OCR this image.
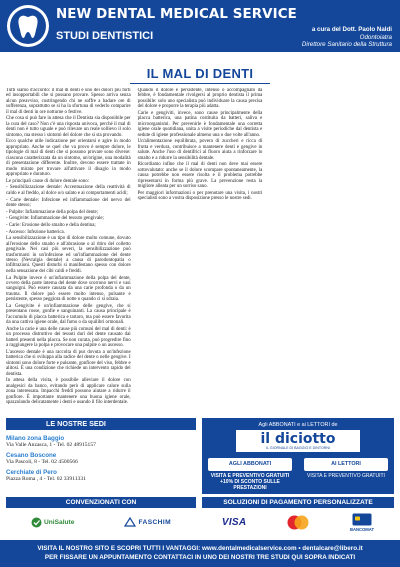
NEW DENTAL MEDICAL SERVICE
STUDI DENTISTICI
a cura del Dott. Paolo Naldi
Odontoiatra
Direttore Sanitario della Struttura
IL MAL DI DENTI

Tutti siamo d'accordo: il mal di denti è uno dei dolori più forti ed insopportabili che si possano provare. Spesso arriva senza alcun preavviso, costringendo chi ne soffre a badare ore di sofferenza, soprattutto se si ha la sfortuna di vederlo comparire il mal di denti in ore notturne o festive.

Che cosa si può fare in attesa che il Dentista sia disponibile per la cura del caso? Non c'è una risposta univoca, perché il mal di denti non è tutto uguale e può rilevare un reale sollievo il solo sintomo, ma stesso i sintomi del dolore che si sta provando.

Ecco qualche utile indicazione per orientarsi e agire in modo appropriato. Anche se quel che va provo è sempre dolore, le tipologie di mal di denti che si possono provare sono diverse: ciascuna caratterizzata da un sintomo, un'origine, una modalità di presentazione differente. Inoltre, devono essere trattate in modo mirato per trovare all'attivare il disagio in modo appropriato e duraturo.

Le principali cause di dolore dentale sono:

- Sensibilizzazione dentale: Accentuazione della reattività di caldo e al freddo, al dolce o/o salato e ai comportamenti acidi;

- Carie dentale: Infezione ed infiammazione del nervo del dente stesso;

- Pulpite: Infiammazione della polpa del dente;

- Gengivite: Infiammazione del tessuto gengivale;

- Carie: Erosione dello smalto e della dentina;

- Ascesso: Infezione batterica.

La sensibilizzazione è un tipo di dolore molto comune, dovuto all'erosione dello smalto e all'abrasione o al ritiro del colletto gengivale. Nei casi più severi, la sensibilizzazione può trasformarsi in un'infezione ed un'infiammazione del dente stesso (Nevralgia dentale) a causa di parodontopatia o infiltrazioni. Questi disturbi si manifestano spesso con dolore nella sensazione dei cibi caldi e freddi.

La Pulpite invece è un'infiammazione della polpa del dente, ovvero della parte interna del dente dove scorrono nervi e vasi sanguigni. Può essere causata da una carie profonda o da un trauma. Il dolore può essere molto intenso, pulsante e persistente, spesso peggiora di notte o quando ci si sdraia.

La Gengivite è un'infiammazione delle gengive, che si presentano rosse, gonfie e sanguinanti. La causa principale è l'accumulo di placca batterica e tartaro, ma può essere favorita da una cattiva igiene orale, dal fumo o da squilibri ormonali.

Anche la carie è una delle cause più comuni del mal di denti: è un processo distruttivo dei tessuti duri del dente causato dai batteri presenti nella placca. Se non curata, può progredire fino a raggiungere la polpa e provocare una pulpite o un ascesso.

L'ascesso dentale è una raccolta di pus dovuta a un'infezione batterica che si sviluppa alla radice del dente o nelle gengive. I sintomi sono dolore forte e pulsante, gonfiore del viso, febbre e alitosi. È una condizione che richiede un intervento rapido del dentista.

In attesa della visita, è possibile alleviare il dolore con analgesici da banco, evitando però di applicare calore sulla zona interessata. Impacchi freddi possono aiutare a ridurre il gonfiore. È importante mantenere una buona igiene orale, spazzolando delicatamente i denti e usando il filo interdentale.

Quando il dolore è persistente, intenso o accompagnato da febbre, è fondamentale rivolgersi al proprio dentista il prima possibile: solo uno specialista può individuare la causa precisa del dolore e proporre la terapia più adatta.

Carie e gengiviti, invece, sono cause principalmente della placca batterica, una patina costituita da batteri, saliva e microorganismi. Per prevenirle è fondamentale una corretta igiene orale quotidiana, unita a visite periodiche dal dentista e sedute di igiene professionale almeno una o due volte all'anno.

Un'alimentazione equilibrata, povera di zuccheri e ricca di frutta e verdura, contribuisce a mantenere denti e gengive in salute. Anche l'uso di dentifrici al fluoro aiuta a rinforzare lo smalto e a ridurre la sensibilità dentale.

Ricordiamo infine che il mal di denti non deve mai essere sottovalutato: anche se il dolore scompare spontaneamente, la causa potrebbe non essere risolta e il problema potrebbe ripresentarsi in forma più grave. La prevenzione resta la migliore alleata per un sorriso sano.

Per maggiori informazioni o per prenotare una visita, i nostri specialisti sono a vostra disposizione presso le nostre sedi.

LE NOSTRE SEDI
Milano zona Baggio
Via Valle Anzasca, 1 - Tel. 02 48915157
Cesano Boscone
Via Pascoli, 8 - Tel. 02 4500566
Cerchiate di Pero
Piazza Roma , 4 - Tel. 02 33911331
Agli ABBONATI e ai LETTORI de
il diciotto
IL GIORNALE DI BAGGIO E DINTORNI
AGLI ABBONATI	AI LETTORI
VISITA E PREVENTIVO GRATUITI +10% DI SCONTO SULLE PRESTAZIONI
VISITA E PREVENTIVO GRATUITI
CONVENZIONATI CON
UniSalute	FASCHIM
SOLUZIONI DI PAGAMENTO PERSONALIZZATE
VISA
BANCOMAT
VISITA IL NOSTRO SITO E SCOPRI TUTTI I VANTAGGI: www.dentalmedicalservice.com • dentalcare@libero.it
PER FISSARE UN APPUNTAMENTO CONTATTACI IN UNO DEI NOSTRI TRE STUDI QUI SOPRA INDICATI
